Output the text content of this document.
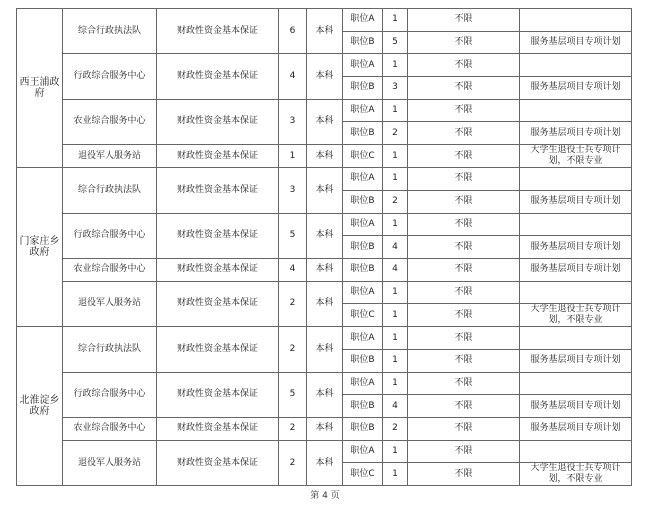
西王浦政府	综合行政执法队	财政性资金基本保证	6	本科	职位A	1	不限	
					职位B	5	不限	服务基层项目专项计划
	行政综合服务中心	财政性资金基本保证	4	本科	职位A	1	不限	
					职位B	3	不限	服务基层项目专项计划
	农业综合服务中心	财政性资金基本保证	3	本科	职位A	1	不限	
					职位B	2	不限	服务基层项目专项计划
	退役军人服务站	财政性资金基本保证	1	本科	职位C	1	不限	大学生退役士兵专项计划，不限专业
门家庄乡政府	综合行政执法队	财政性资金基本保证	3	本科	职位A	1	不限	
					职位B	2	不限	服务基层项目专项计划
	行政综合服务中心	财政性资金基本保证	5	本科	职位A	1	不限	
					职位B	4	不限	服务基层项目专项计划
	农业综合服务中心	财政性资金基本保证	4	本科	职位B	4	不限	服务基层项目专项计划
	退役军人服务站	财政性资金基本保证	2	本科	职位A	1	不限	
					职位C	1	不限	大学生退役士兵专项计划，不限专业
北淮淀乡政府	综合行政执法队	财政性资金基本保证	2	本科	职位A	1	不限	
					职位B	1	不限	服务基层项目专项计划
	行政综合服务中心	财政性资金基本保证	5	本科	职位A	1	不限	
					职位B	4	不限	服务基层项目专项计划
	农业综合服务中心	财政性资金基本保证	2	本科	职位B	2	不限	服务基层项目专项计划
	退役军人服务站	财政性资金基本保证	2	本科	职位A	1	不限	
					职位C	1	不限	大学生退役士兵专项计划，不限专业
第 4 页
